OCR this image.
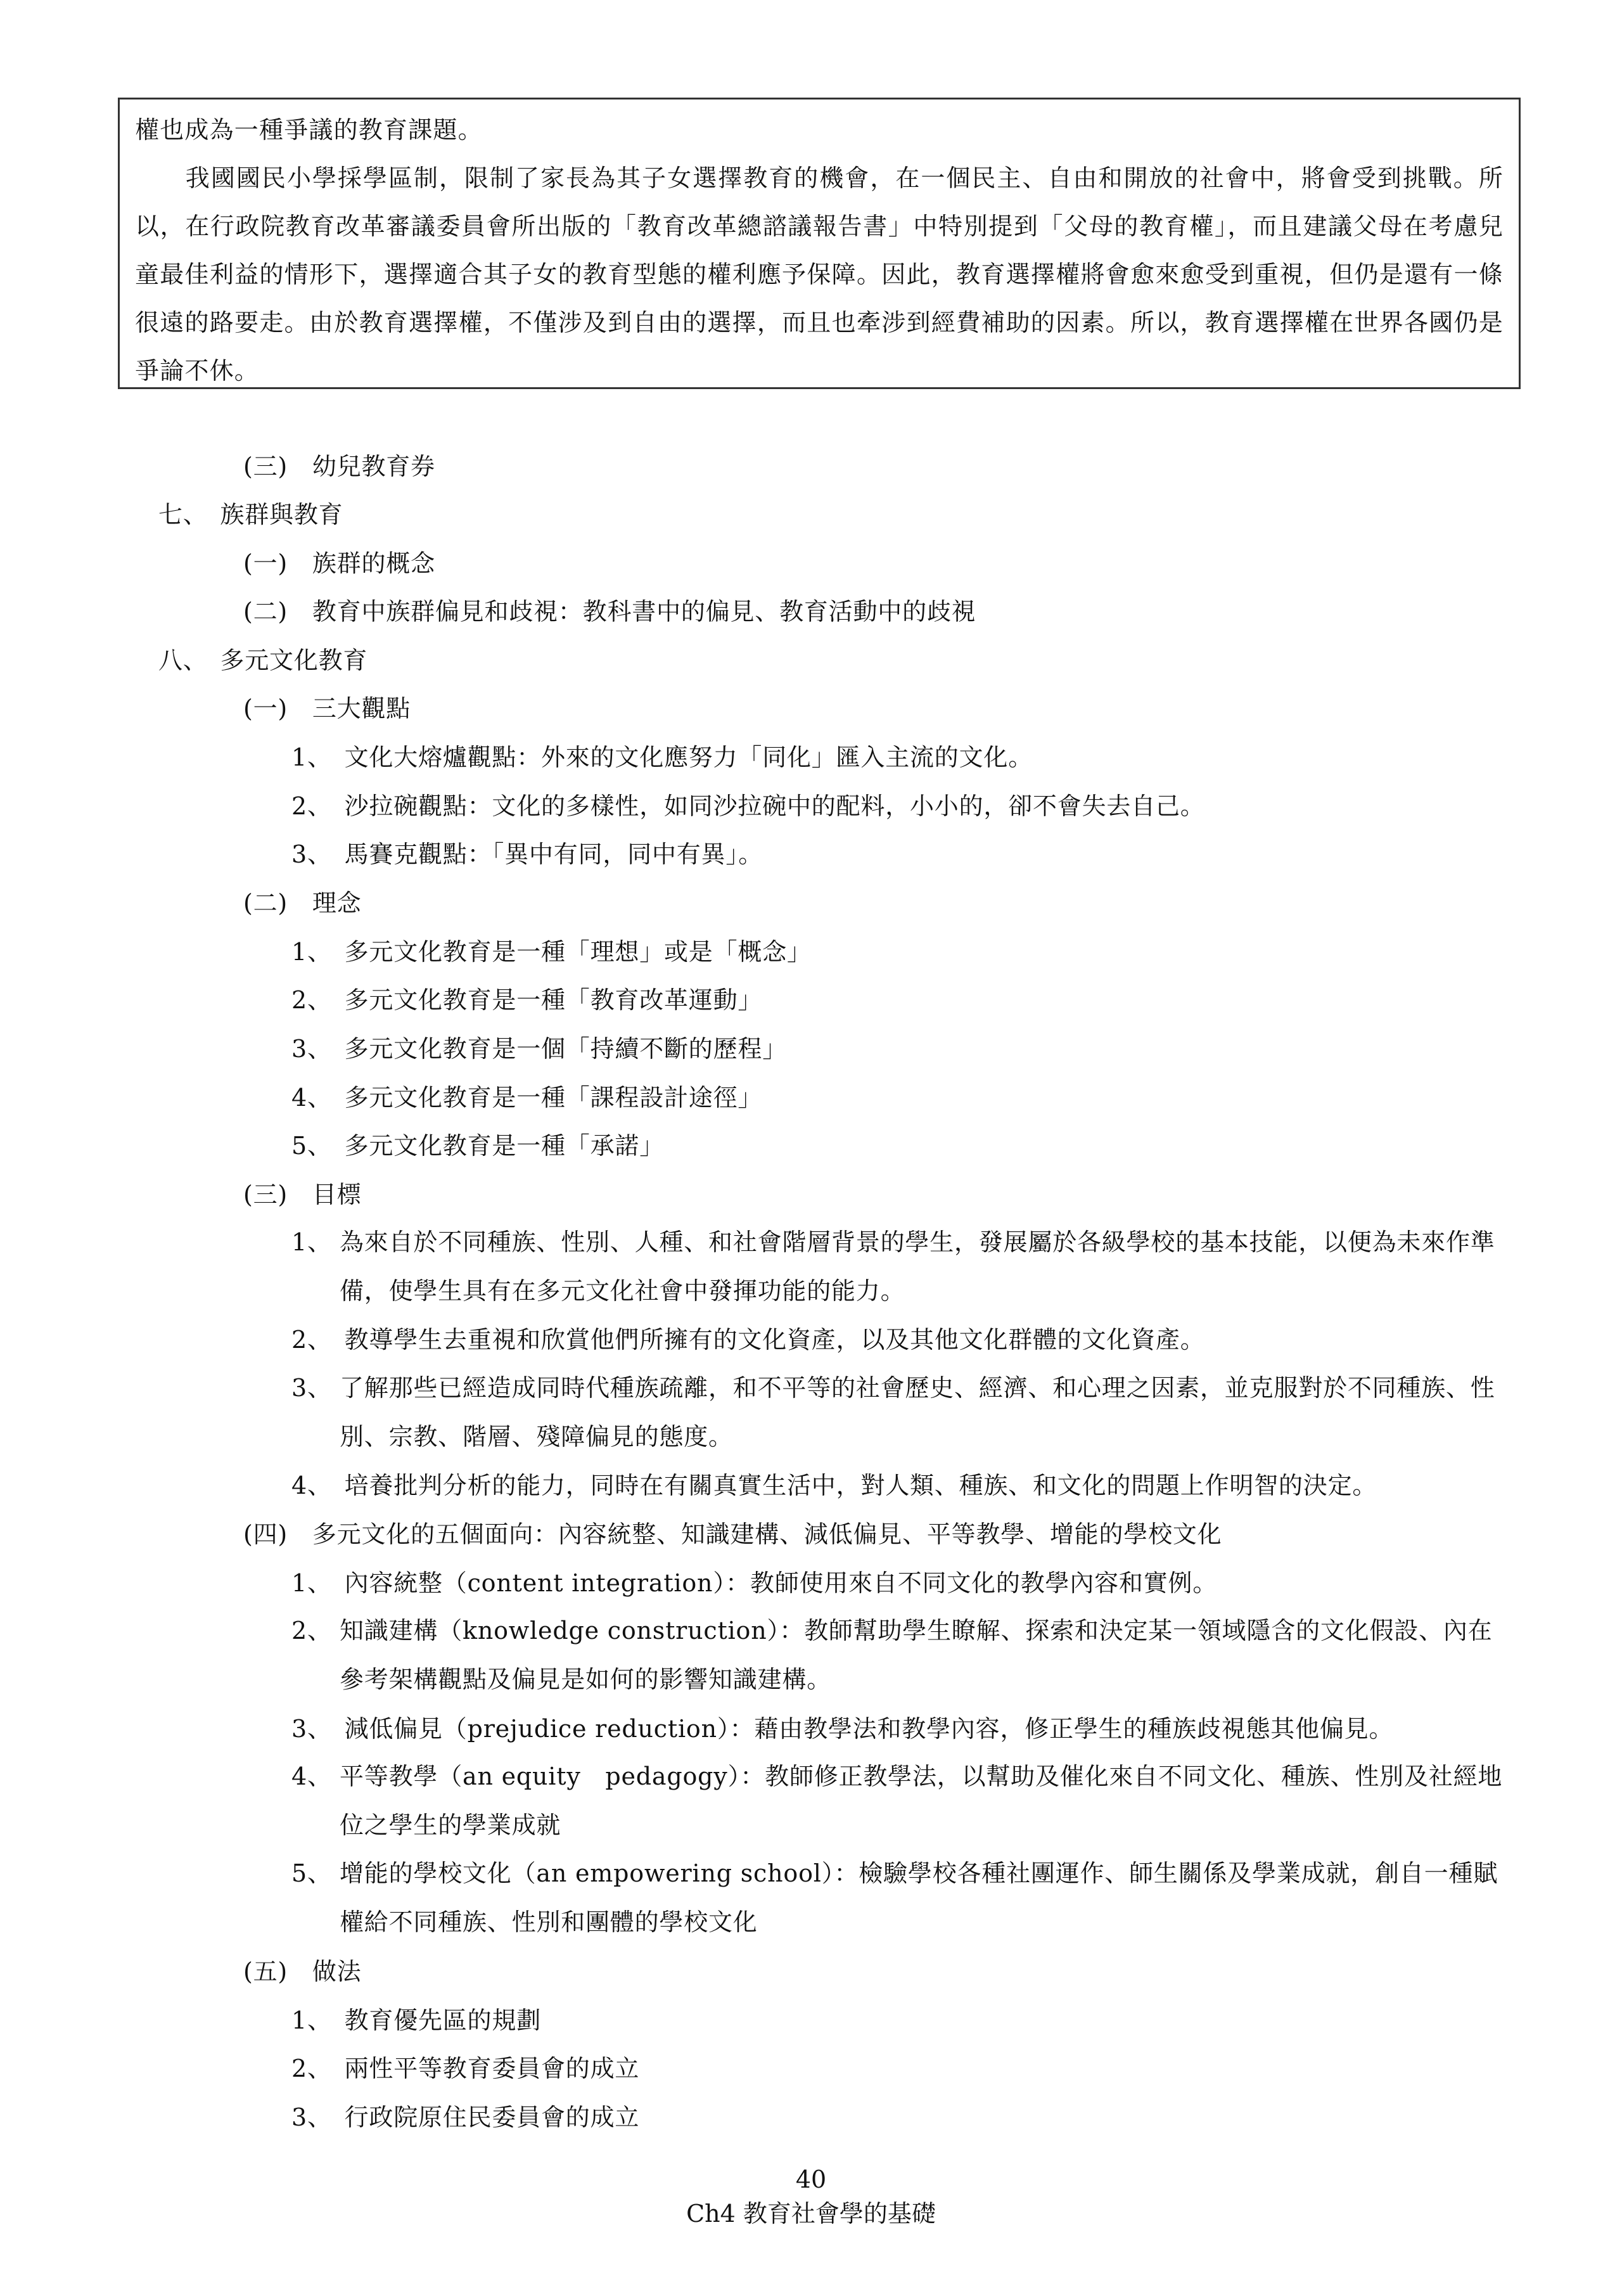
權也成為一種爭議的教育課題。

我國國民小學採學區制，限制了家長為其子女選擇教育的機會，在一個民主、自由和開放的社會中，將會受到挑戰。所以，在行政院教育改革審議委員會所出版的「教育改革總諮議報告書」中特別提到「父母的教育權」，而且建議父母在考慮兒童最佳利益的情形下，選擇適合其子女的教育型態的權利應予保障。因此，教育選擇權將會愈來愈受到重視，但仍是還有一條很遠的路要走。由於教育選擇權，不僅涉及到自由的選擇，而且也牽涉到經費補助的因素。所以，教育選擇權在世界各國仍是爭論不休。

(三)　 幼兒教育券
七、　 族群與教育
(一)　 族群的概念
(二)　 教育中族群偏見和歧視：教科書中的偏見、教育活動中的歧視
八、　 多元文化教育
(一)　 三大觀點
1、　 文化大熔爐觀點：外來的文化應努力「同化」匯入主流的文化。
2、　 沙拉碗觀點：文化的多樣性，如同沙拉碗中的配料，小小的，卻不會失去自己。
3、　 馬賽克觀點：「異中有同，同中有異」。
(二)　 理念
1、　 多元文化教育是一種「理想」或是「概念」
2、　 多元文化教育是一種「教育改革運動」
3、　 多元文化教育是一個「持續不斷的歷程」
4、　 多元文化教育是一種「課程設計途徑」
5、　 多元文化教育是一種「承諾」
(三)　 目標
1、 為來自於不同種族、性別、人種、和社會階層背景的學生，發展屬於各級學校的基本技能，以便為未來作準備，使學生具有在多元文化社會中發揮功能的能力。
2、　 教導學生去重視和欣賞他們所擁有的文化資產，以及其他文化群體的文化資產。
3、 了解那些已經造成同時代種族疏離，和不平等的社會歷史、經濟、和心理之因素，並克服對於不同種族、性別、宗教、階層、殘障偏見的態度。
4、　 培養批判分析的能力，同時在有關真實生活中，對人類、種族、和文化的問題上作明智的決定。
(四)　 多元文化的五個面向：內容統整、知識建構、減低偏見、平等教學、增能的學校文化
1、　 內容統整（content integration）：教師使用來自不同文化的教學內容和實例。
2、 知識建構（knowledge construction）：教師幫助學生瞭解、探索和決定某一領域隱含的文化假設、內在參考架構觀點及偏見是如何的影響知識建構。
3、　 減低偏見（prejudice reduction）：藉由教學法和教學內容，修正學生的種族歧視態其他偏見。
4、 平等教學（an equity　pedagogy）：教師修正教學法，以幫助及催化來自不同文化、種族、性別及社經地位之學生的學業成就
5、 增能的學校文化（an empowering school）：檢驗學校各種社團運作、師生關係及學業成就，創自一種賦權給不同種族、性別和團體的學校文化
(五)　 做法
1、　 教育優先區的規劃
2、　 兩性平等教育委員會的成立
3、　 行政院原住民委員會的成立
40
Ch4 教育社會學的基礎
